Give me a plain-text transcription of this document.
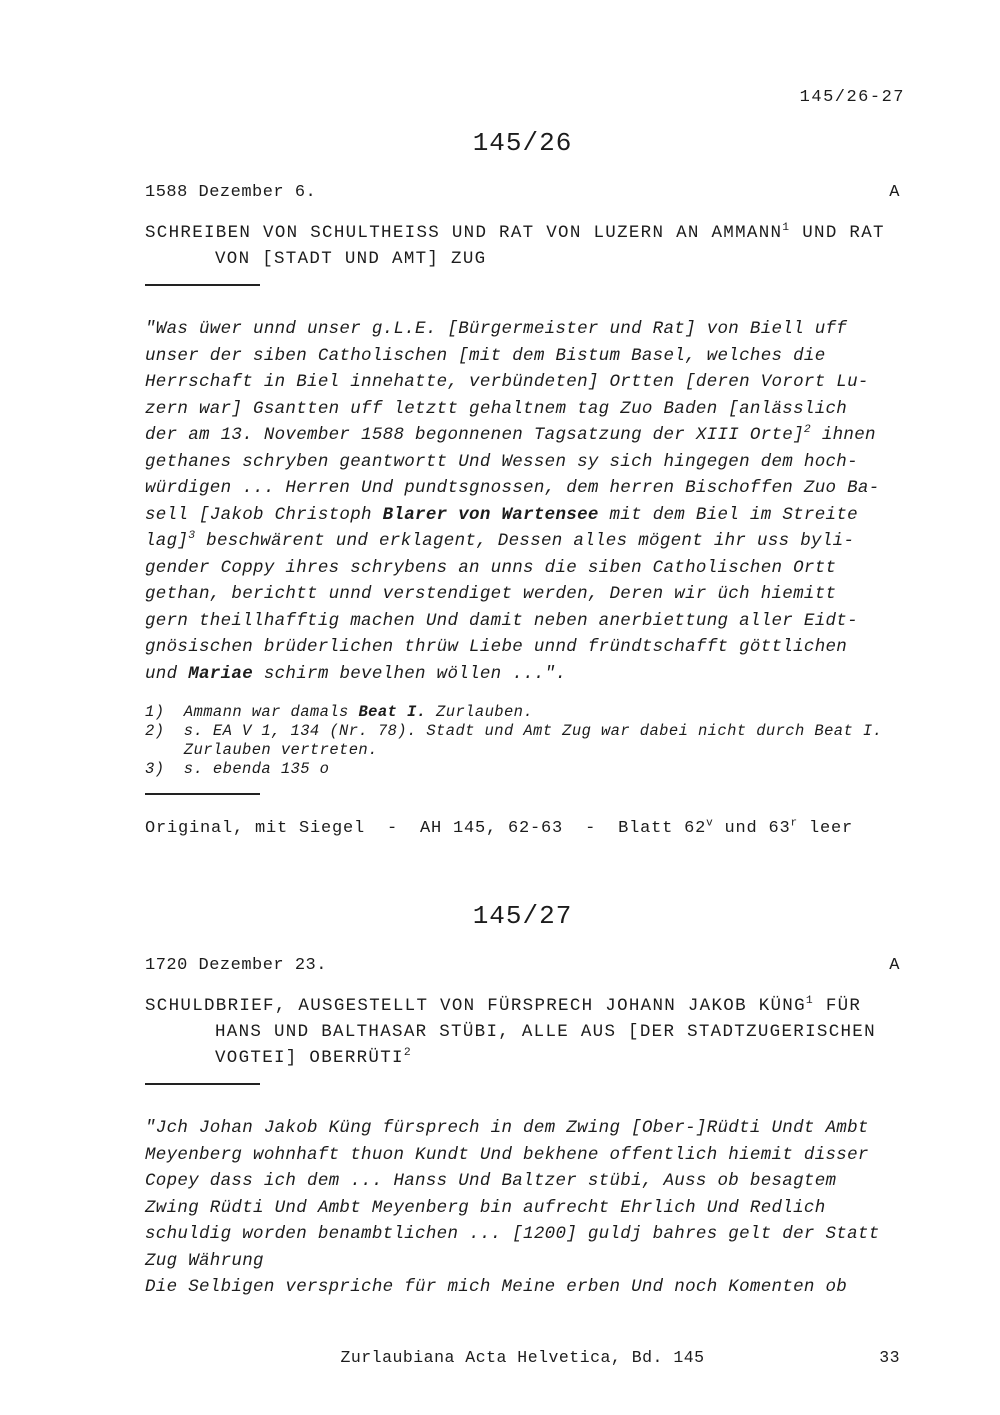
145/26-27
145/26
1588 Dezember 6.	A
SCHREIBEN VON SCHULTHEISS UND RAT VON LUZERN AN AMMANN$^1$ UND RAT
VON [STADT UND AMT] ZUG
"Was üwer unnd unser g.L.E. [Bürgermeister und Rat] von Biell uff
unser der siben Catholischen [mit dem Bistum Basel, welches die
Herrschaft in Biel innehatte, verbündeten] Ortten [deren Vorort Lu-
zern war] Gsantten uff letztt gehaltnem tag Zuo Baden [anlässlich
der am 13. November 1588 begonnenen Tagsatzung der XIII Orte]$^2$ ihnen
gethanes schryben geantwortt Und Wessen sy sich hingegen dem hoch-
würdigen ... Herren Und pundtsgnossen, dem herren Bischoffen Zuo Ba-
sell [Jakob Christoph Blarer von Wartensee mit dem Biel im Streite
lag]$^3$ beschwärent und erklagent, Dessen alles mögent ihr uss byli-
gender Coppy ihres schrybens an unns die siben Catholischen Ortt
gethan, berichtt unnd verstendiget werden, Deren wir üch hiemitt
gern theillhafftig machen Und damit neben anerbiettung aller Eidt-
gnösischen brüderlichen thrüw Liebe unnd fründtschafft göttlichen
und Mariae schirm bevelhen wöllen ...".
1)  Ammann war damals Beat I. Zurlauben.
2)  s. EA V 1, 134 (Nr. 78). Stadt und Amt Zug war dabei nicht durch Beat I.
Zurlauben vertreten.
3)  s. ebenda 135 o
Original, mit Siegel  -  AH 145, 62-63  -  Blatt 62$^v$ und 63$^r$ leer
145/27
1720 Dezember 23.	A
SCHULDBRIEF, AUSGESTELLT VON FÜRSPRECH JOHANN JAKOB KÜNG$^1$ FÜR
HANS UND BALTHASAR STÜBI, ALLE AUS [DER STADTZUGERISCHEN
VOGTEI] OBERRÜTI$^2$
"Jch Johan Jakob Küng fürsprech in dem Zwing [Ober-]Rüdti Undt Ambt
Meyenberg wohnhaft thuon Kundt Und bekhene offentlich hiemit disser
Copey dass ich dem ... Hanss Und Baltzer stübi, Auss ob besagtem
Zwing Rüdti Und Ambt Meyenberg bin aufrecht Ehrlich Und Redlich
schuldig worden benambtlichen ... [1200] guldj bahres gelt der Statt
Zug Währung
Die Selbigen verspriche für mich Meine erben Und noch Komenten ob
Zurlaubiana Acta Helvetica, Bd. 145	33
